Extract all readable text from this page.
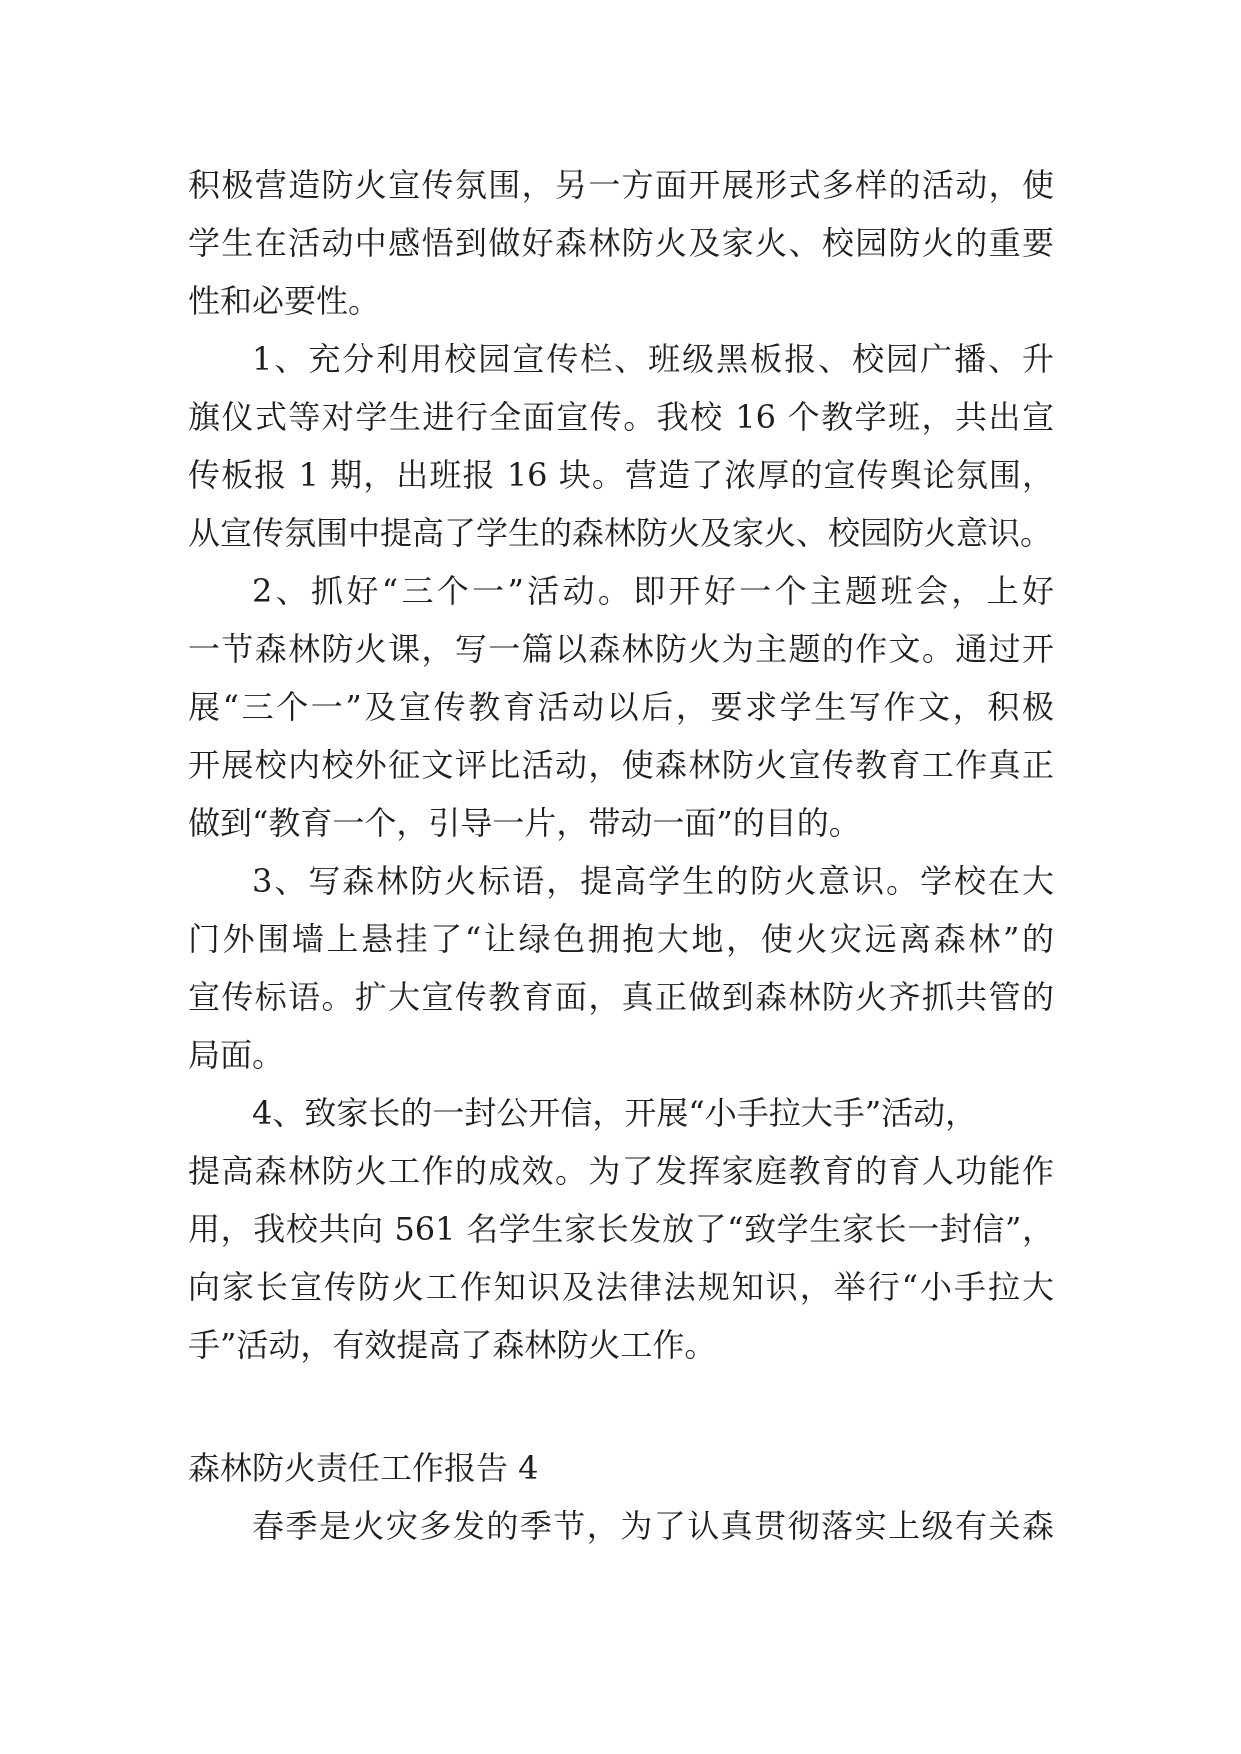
积极营造防火宣传氛围，另一方面开展形式多样的活动，使
学生在活动中感悟到做好森林防火及家火、校园防火的重要
性和必要性。
1、充分利用校园宣传栏、班级黑板报、校园广播、升
旗仪式等对学生进行全面宣传。我校 16 个教学班，共出宣
传板报 1 期，出班报 16 块。营造了浓厚的宣传舆论氛围，
从宣传氛围中提高了学生的森林防火及家火、校园防火意识。
2、抓好“三个一”活动。即开好一个主题班会，上好
一节森林防火课，写一篇以森林防火为主题的作文。通过开
展“三个一”及宣传教育活动以后，要求学生写作文，积极
开展校内校外征文评比活动，使森林防火宣传教育工作真正
做到“教育一个，引导一片，带动一面”的目的。
3、写森林防火标语，提高学生的防火意识。学校在大
门外围墙上悬挂了“让绿色拥抱大地，使火灾远离森林”的
宣传标语。扩大宣传教育面，真正做到森林防火齐抓共管的
局面。
4、致家长的一封公开信，开展“小手拉大手”活动，
提高森林防火工作的成效。为了发挥家庭教育的育人功能作
用，我校共向 561 名学生家长发放了“致学生家长一封信”，
向家长宣传防火工作知识及法律法规知识，举行“小手拉大
手”活动，有效提高了森林防火工作。
森林防火责任工作报告 4
春季是火灾多发的季节，为了认真贯彻落实上级有关森
